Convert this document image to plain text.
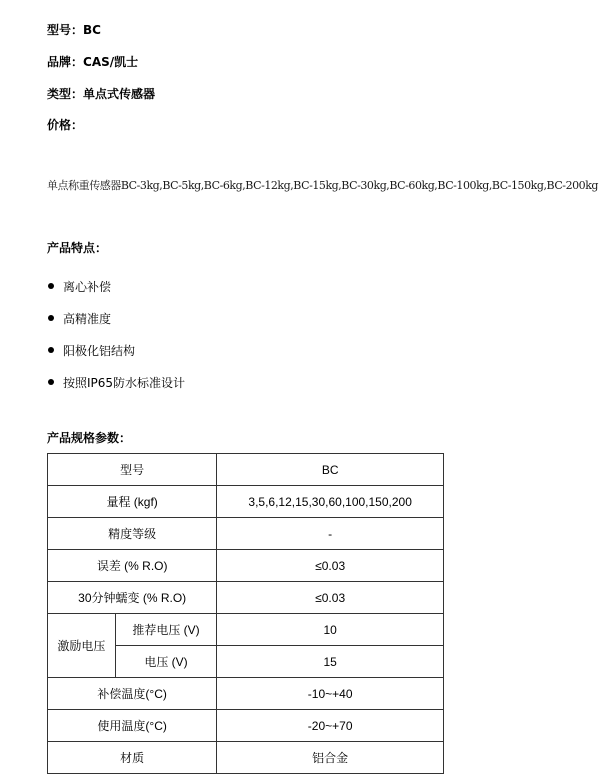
型号：BC
品牌：CAS/凯士
类型：单点式传感器
价格：
单点称重传感器BC-3kg,BC-5kg,BC-6kg,BC-12kg,BC-15kg,BC-30kg,BC-60kg,BC-100kg,BC-150kg,BC-200kg
产品特点：
离心补偿
高精准度
阳极化铝结构
按照IP65防水标准设计
产品规格参数：
型号		BC
量程 (kgf)		3,5,6,12,15,30,60,100,150,200
精度等级		-
误差 (% R.O)		≤0.03
30分钟蠕变 (% R.O)		≤0.03
激励电压	推荐电压 (V)	10
	电压 (V)	15
补偿温度(°C)		-10~+40
使用温度(°C)		-20~+70
材质		铝合金
